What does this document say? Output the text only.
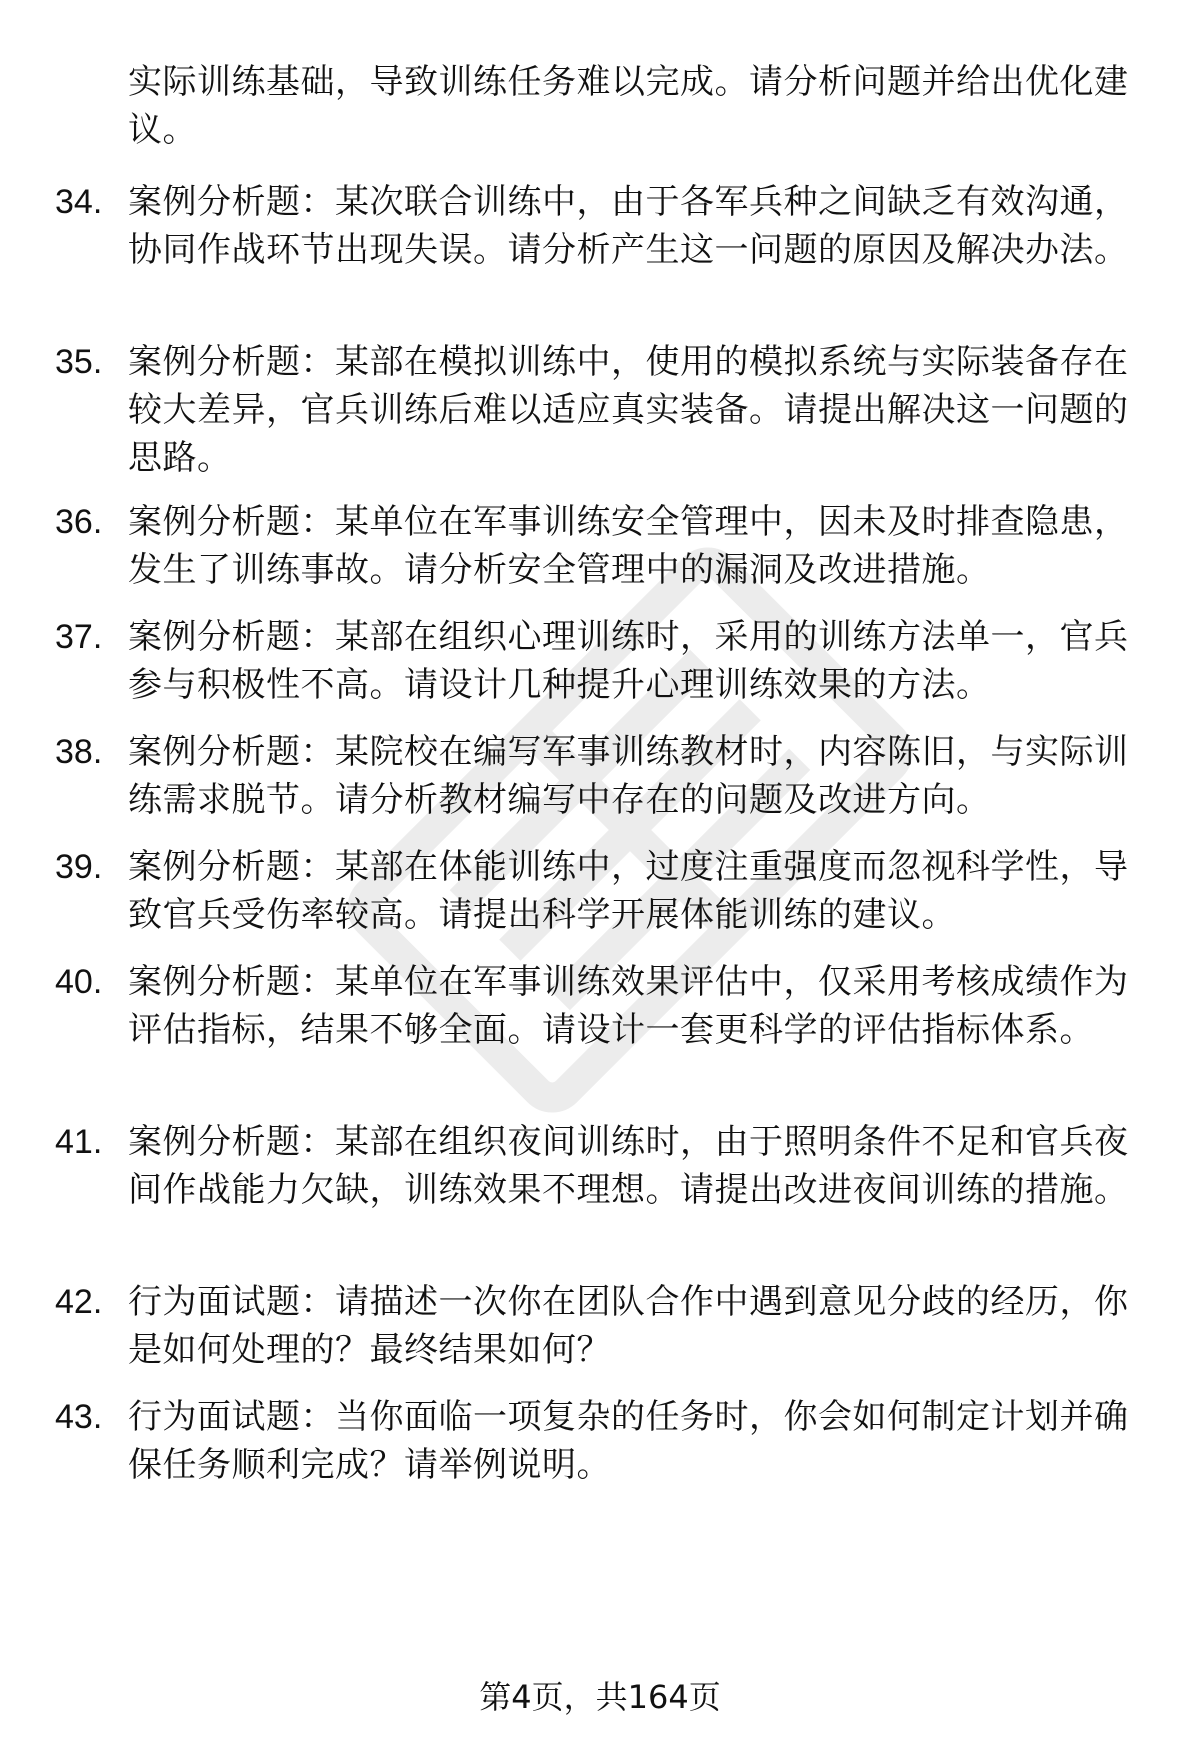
实际训练基础，导致训练任务难以完成。请分析问题并给出优化建议。
34. 案例分析题：某次联合训练中，由于各军兵种之间缺乏有效沟通，协同作战环节出现失误。请分析产生这一问题的原因及解决办法。
35. 案例分析题：某部在模拟训练中，使用的模拟系统与实际装备存在较大差异，官兵训练后难以适应真实装备。请提出解决这一问题的思路。
36. 案例分析题：某单位在军事训练安全管理中，因未及时排查隐患，发生了训练事故。请分析安全管理中的漏洞及改进措施。
37. 案例分析题：某部在组织心理训练时，采用的训练方法单一，官兵参与积极性不高。请设计几种提升心理训练效果的方法。
38. 案例分析题：某院校在编写军事训练教材时，内容陈旧，与实际训练需求脱节。请分析教材编写中存在的问题及改进方向。
39. 案例分析题：某部在体能训练中，过度注重强度而忽视科学性，导致官兵受伤率较高。请提出科学开展体能训练的建议。
40. 案例分析题：某单位在军事训练效果评估中，仅采用考核成绩作为评估指标，结果不够全面。请设计一套更科学的评估指标体系。
41. 案例分析题：某部在组织夜间训练时，由于照明条件不足和官兵夜间作战能力欠缺，训练效果不理想。请提出改进夜间训练的措施。
42. 行为面试题：请描述一次你在团队合作中遇到意见分歧的经历，你是如何处理的？最终结果如何？
43. 行为面试题：当你面临一项复杂的任务时，你会如何制定计划并确保任务顺利完成？请举例说明。
第4页，共164页
